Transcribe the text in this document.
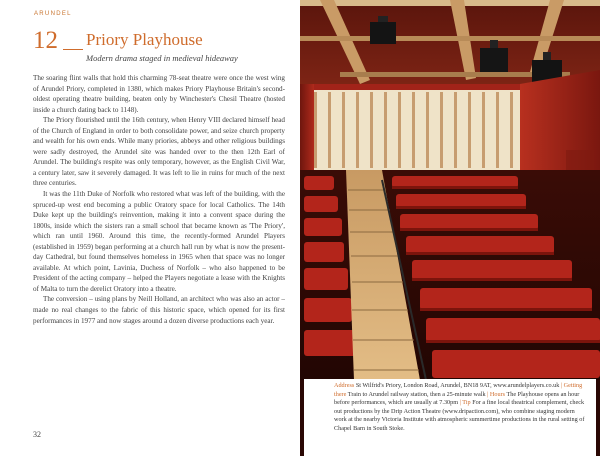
ARUNDEL
12 Priory Playhouse
Modern drama staged in medieval hideaway

The soaring flint walls that hold this charming 78-seat theatre were once the west wing of Arundel Priory, completed in 1380, which makes Priory Playhouse Britain's second-oldest operating theatre building, beaten only by Winchester's Chesil Theatre (hosted inside a church dating back to 1148).

The Priory flourished until the 16th century, when Henry VIII declared himself head of the Church of England in order to both consolidate power, and seize church property and wealth for his own ends. While many priories, abbeys and other religious buildings were sadly destroyed, the Arundel site was handed over to the then 12th Earl of Arundel. The building's respite was only temporary, however, as the English Civil War, a century later, saw it severely damaged. It was left to lie in ruins for much of the next three centuries.

It was the 11th Duke of Norfolk who restored what was left of the building, with the spruced-up west end becoming a public Oratory space for local Catholics. The 14th Duke kept up the building's reinvention, making it into a convent space during the 1800s, inside which the sisters ran a small school that became known as 'The Priory', which ran until 1960. Around this time, the recently-formed Arundel Players (established in 1959) began performing at a church hall run by what is now the present-day Cathedral, but found themselves homeless in 1965 when that space was no longer available. At which point, Lavinia, Duchess of Norfolk – who also happened to be President of the acting company – helped the Players negotiate a lease with the Knights of Malta to turn the derelict Oratory into a theatre.

The conversion – using plans by Neill Holland, an architect who was also an actor – made no real changes to the fabric of this historic space, which opened for its first performances in 1977 and now stages around a dozen diverse productions each year.

32
Address St Wilfrid's Priory, London Road, Arundel, BN18 9AT, www.arundelplayers.co.uk | Getting there Train to Arundel railway station, then a 25-minute walk | Hours The Playhouse opens an hour before performances, which are usually at 7.30pm | Tip For a fine local theatrical complement, check out productions by the Drip Action Theatre (www.dripaction.com), who combine staging modern work at the nearby Victoria Institute with atmospheric summertime productions in the rural setting of Chapel Barn in South Stoke.
